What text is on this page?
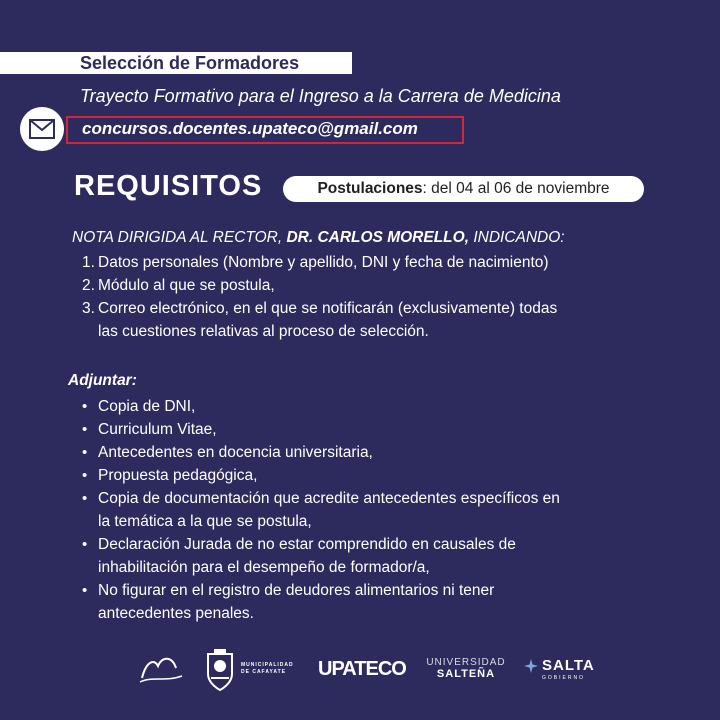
Selección de Formadores
Trayecto Formativo para el Ingreso a la Carrera de Medicina
concursos.docentes.upateco@gmail.com
REQUISITOS	Postulaciones: del 04 al 06 de noviembre
NOTA DIRIGIDA AL RECTOR, DR. CARLOS MORELLO, INDICANDO:
1. Datos personales (Nombre y apellido, DNI y fecha de nacimiento)
2. Módulo al que se postula,
3. Correo electrónico, en el que se notificarán (exclusivamente) todas
las cuestiones relativas al proceso de selección.
Adjuntar:
• Copia de DNI,
• Curriculum Vitae,
• Antecedentes en docencia universitaria,
• Propuesta pedagógica,
• Copia de documentación que acredite antecedentes específicos en
la temática a la que se postula,
• Declaración Jurada de no estar comprendido en causales de
inhabilitación para el desempeño de formador/a,
• No figurar en el registro de deudores alimentarios ni tener
antecedentes penales.
MUNICIPALIDAD
DE CAFAYATE	UPATECO UNIVERSIDAD
SALTEÑA	SALTA
GOBIERNO
